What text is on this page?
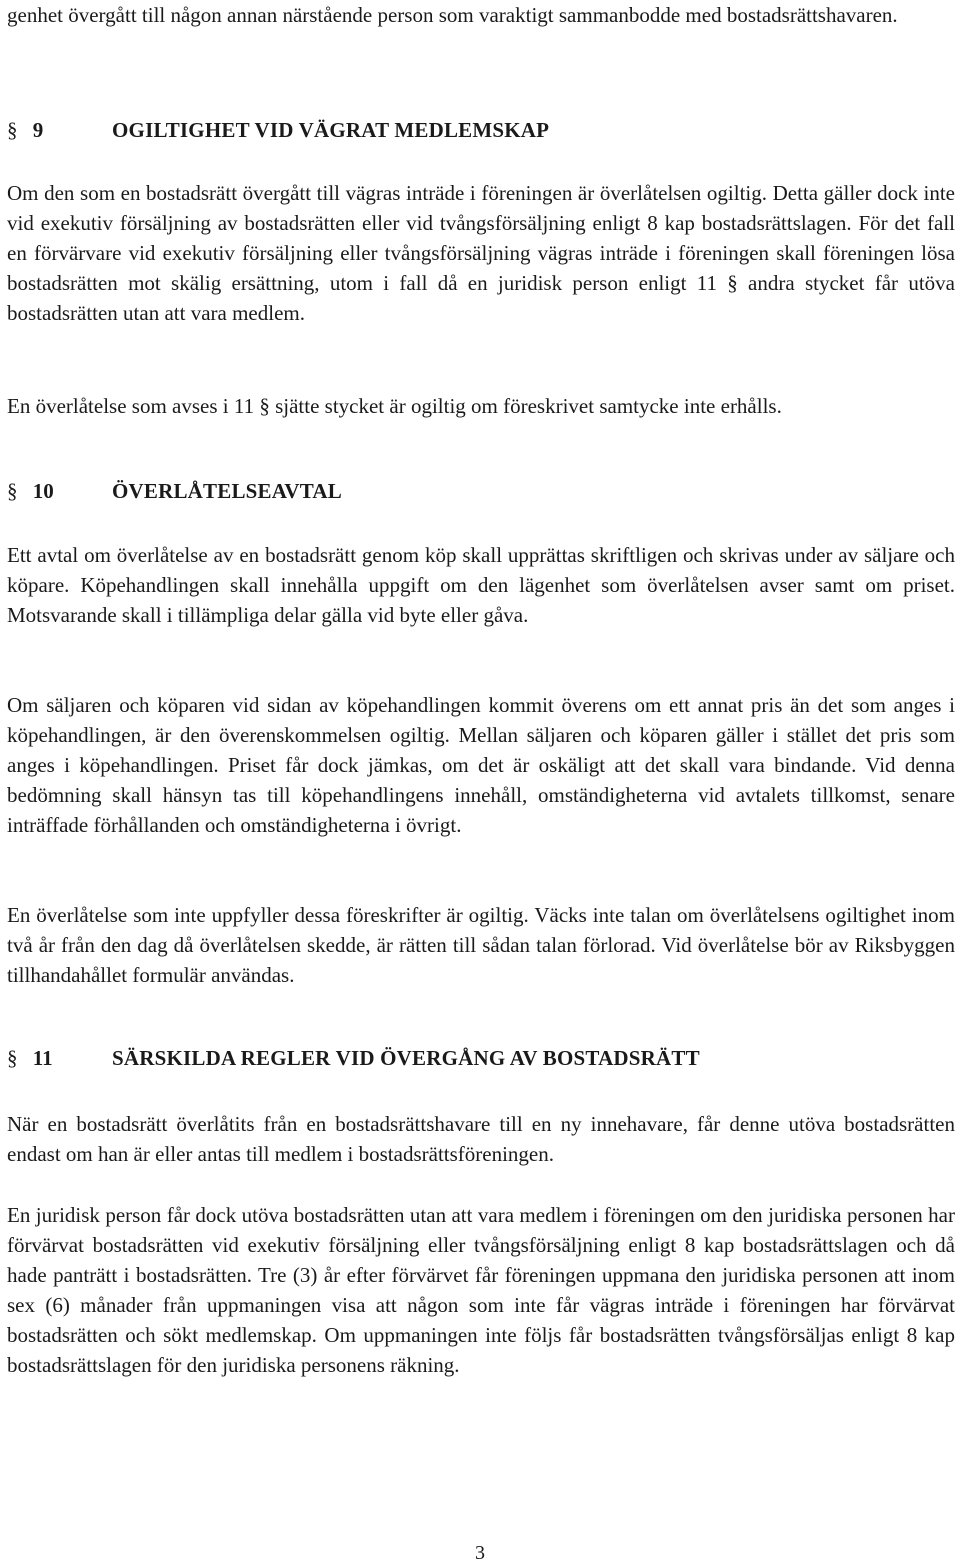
genhet övergått till någon annan närstående person som varaktigt sammanbodde med bostadsrättshavaren.

§ 9	OGILTIGHET VID VÄGRAT MEDLEMSKAP

Om den som en bostadsrätt övergått till vägras inträde i föreningen är överlåtelsen ogiltig. Detta gäller dock inte vid exekutiv försäljning av bostadsrätten eller vid tvångsförsäljning enligt 8 kap bostadsrättslagen. För det fall en förvärvare vid exekutiv försäljning eller tvångsförsäljning vägras inträde i föreningen skall föreningen lösa bostadsrätten mot skälig ersättning, utom i fall då en juridisk person enligt 11 § andra stycket får utöva bostadsrätten utan att vara medlem.

En överlåtelse som avses i 11 § sjätte stycket är ogiltig om föreskrivet samtycke inte erhålls.

§ 10	ÖVERLÅTELSEAVTAL

Ett avtal om överlåtelse av en bostadsrätt genom köp skall upprättas skriftligen och skrivas under av säljare och köpare. Köpehandlingen skall innehålla uppgift om den lägenhet som överlåtelsen avser samt om priset. Motsvarande skall i tillämpliga delar gälla vid byte eller gåva.

Om säljaren och köparen vid sidan av köpehandlingen kommit överens om ett annat pris än det som anges i köpehandlingen, är den överenskommelsen ogiltig. Mellan säljaren och köparen gäller i stället det pris som anges i köpehandlingen. Priset får dock jämkas, om det är oskäligt att det skall vara bindande. Vid denna bedömning skall hänsyn tas till köpehandlingens innehåll, omständigheterna vid avtalets tillkomst, senare inträffade förhållanden och omständigheterna i övrigt.

En överlåtelse som inte uppfyller dessa föreskrifter är ogiltig. Väcks inte talan om överlåtelsens ogiltighet inom två år från den dag då överlåtelsen skedde, är rätten till sådan talan förlorad. Vid överlåtelse bör av Riksbyggen tillhandahållet formulär användas.

§ 11	SÄRSKILDA REGLER VID ÖVERGÅNG AV BOSTADSRÄTT

När en bostadsrätt överlåtits från en bostadsrättshavare till en ny innehavare, får denne utöva bostadsrätten endast om han är eller antas till medlem i bostadsrättsföreningen.

En juridisk person får dock utöva bostadsrätten utan att vara medlem i föreningen om den juridiska personen har förvärvat bostadsrätten vid exekutiv försäljning eller tvångsförsäljning enligt 8 kap bostadsrättslagen och då hade panträtt i bostadsrätten. Tre (3) år efter förvärvet får föreningen uppmana den juridiska personen att inom sex (6) månader från uppmaningen visa att någon som inte får vägras inträde i föreningen har förvärvat bostadsrätten och sökt medlemskap. Om uppmaningen inte följs får bostadsrätten tvångsförsäljas enligt 8 kap bostadsrättslagen för den juridiska personens räkning.

3
